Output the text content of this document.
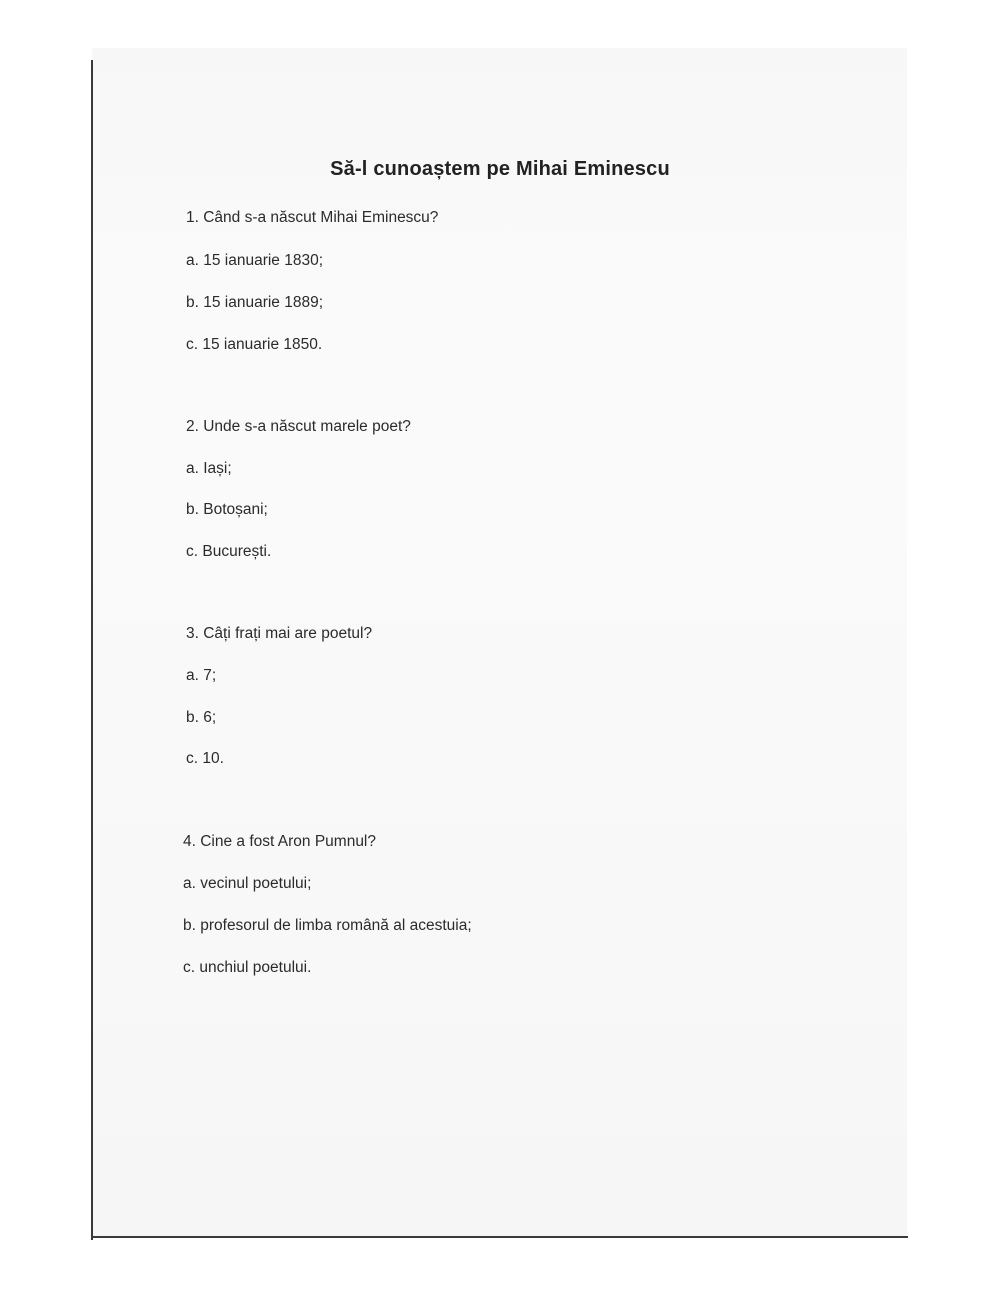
Să-l cunoaștem pe Mihai Eminescu
1. Când s-a născut Mihai Eminescu?
a. 15 ianuarie 1830;
b. 15 ianuarie 1889;
c. 15 ianuarie 1850.
2. Unde s-a născut marele poet?
a. Iași;
b. Botoșani;
c. București.
3. Câți frați mai are poetul?
a. 7;
b. 6;
c. 10.
4. Cine a fost Aron Pumnul?
a. vecinul poetului;
b. profesorul de limba română al acestuia;
c. unchiul poetului.
